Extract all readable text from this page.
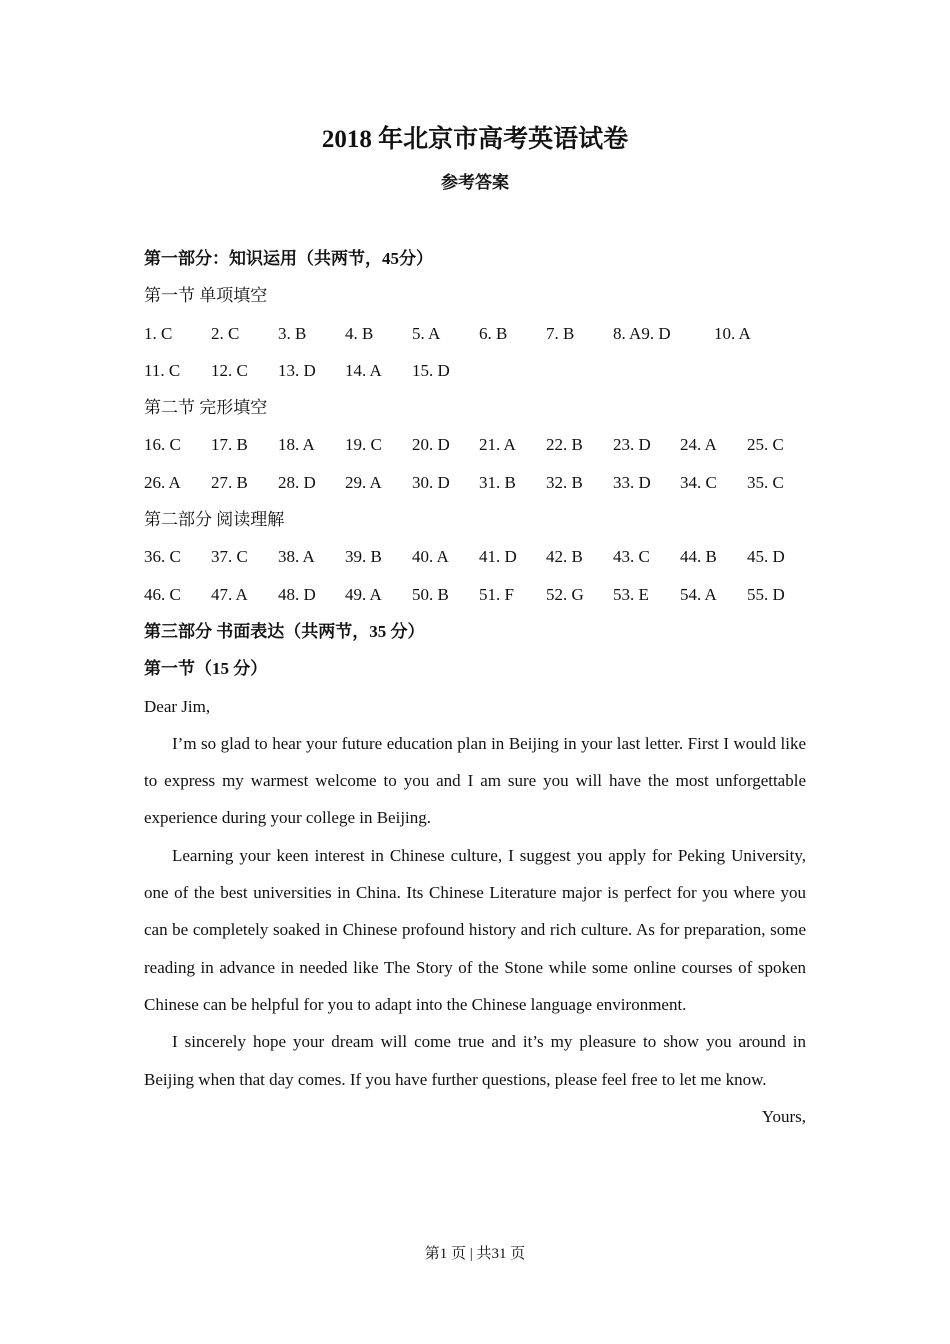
2018 年北京市高考英语试卷
参考答案
第一部分：知识运用（共两节，45分）
第一节 单项填空
1. C 2. C 3. B 4. B 5. A 6. B 7. B 8. A9. D	10. A
11. C 12. C 13. D 14. A 15. D
第二节 完形填空
16. C 17. B 18. A 19. C 20. D 21. A 22. B 23. D 24. A 25. C
26. A 27. B 28. D 29. A 30. D 31. B 32. B 33. D 34. C 35. C
第二部分 阅读理解
36. C 37. C 38. A 39. B 40. A 41. D 42. B 43. C 44. B 45. D
46. C 47. A 48. D 49. A 50. B 51. F 52. G 53. E 54. A 55. D
第三部分 书面表达（共两节，35 分）
第一节（15 分）

Dear Jim,

I’m so glad to hear your future education plan in Beijing in your last letter. First I would like to express my warmest welcome to you and I am sure you will have the most unforgettable experience during your college in Beijing.

Learning your keen interest in Chinese culture, I suggest you apply for Peking University, one of the best universities in China. Its Chinese Literature major is perfect for you where you can be completely soaked in Chinese profound history and rich culture. As for preparation, some reading in advance in needed like The Story of the Stone while some online courses of spoken Chinese can be helpful for you to adapt into the Chinese language environment.

I sincerely hope your dream will come true and it’s my pleasure to show you around in Beijing when that day comes. If you have further questions, please feel free to let me know.

Yours,

第1 页 | 共31 页
